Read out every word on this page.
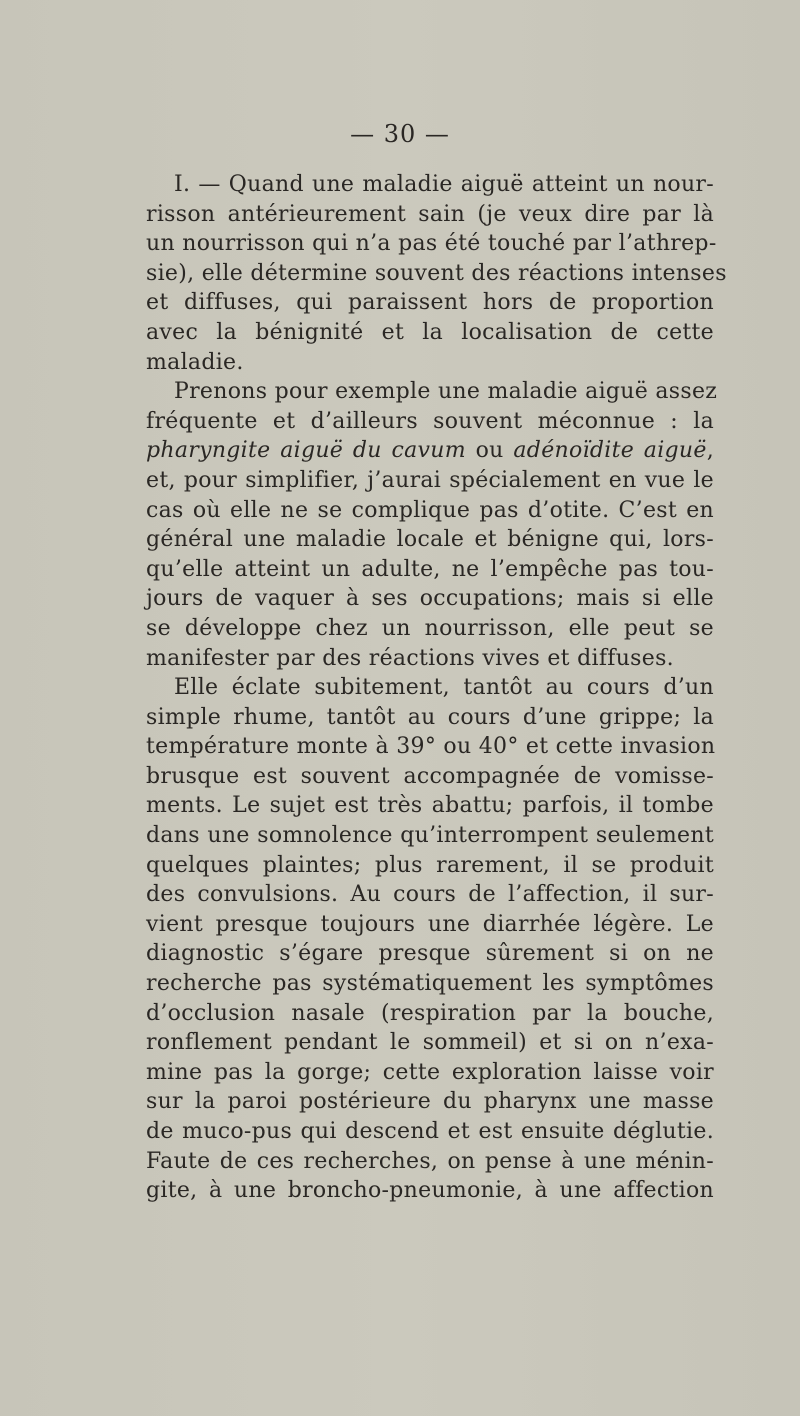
— 30 —
I. — Quand une maladie aiguë atteint un nour-
risson antérieurement sain (je veux dire par là
un nourrisson qui n’a pas été touché par l’athrep-
sie), elle détermine souvent des réactions intenses
et diffuses, qui paraissent hors de proportion
avec la bénignité et la localisation de cette
maladie.
Prenons pour exemple une maladie aiguë assez
fréquente et d’ailleurs souvent méconnue : la
pharyngite aiguë du cavum ou adénoïdite aiguë,
et, pour simplifier, j’aurai spécialement en vue le
cas où elle ne se complique pas d’otite. C’est en
général une maladie locale et bénigne qui, lors-
qu’elle atteint un adulte, ne l’empêche pas tou-
jours de vaquer à ses occupations; mais si elle
se développe chez un nourrisson, elle peut se
manifester par des réactions vives et diffuses.
Elle éclate subitement, tantôt au cours d’un
simple rhume, tantôt au cours d’une grippe; la
température monte à 39° ou 40° et cette invasion
brusque est souvent accompagnée de vomisse-
ments. Le sujet est très abattu; parfois, il tombe
dans une somnolence qu’interrompent seulement
quelques plaintes; plus rarement, il se produit
des convulsions. Au cours de l’affection, il sur-
vient presque toujours une diarrhée légère. Le
diagnostic s’égare presque sûrement si on ne
recherche pas systématiquement les symptômes
d’occlusion nasale (respiration par la bouche,
ronflement pendant le sommeil) et si on n’exa-
mine pas la gorge; cette exploration laisse voir
sur la paroi postérieure du pharynx une masse
de muco-pus qui descend et est ensuite déglutie.
Faute de ces recherches, on pense à une ménin-
gite, à une broncho-pneumonie, à une affection
